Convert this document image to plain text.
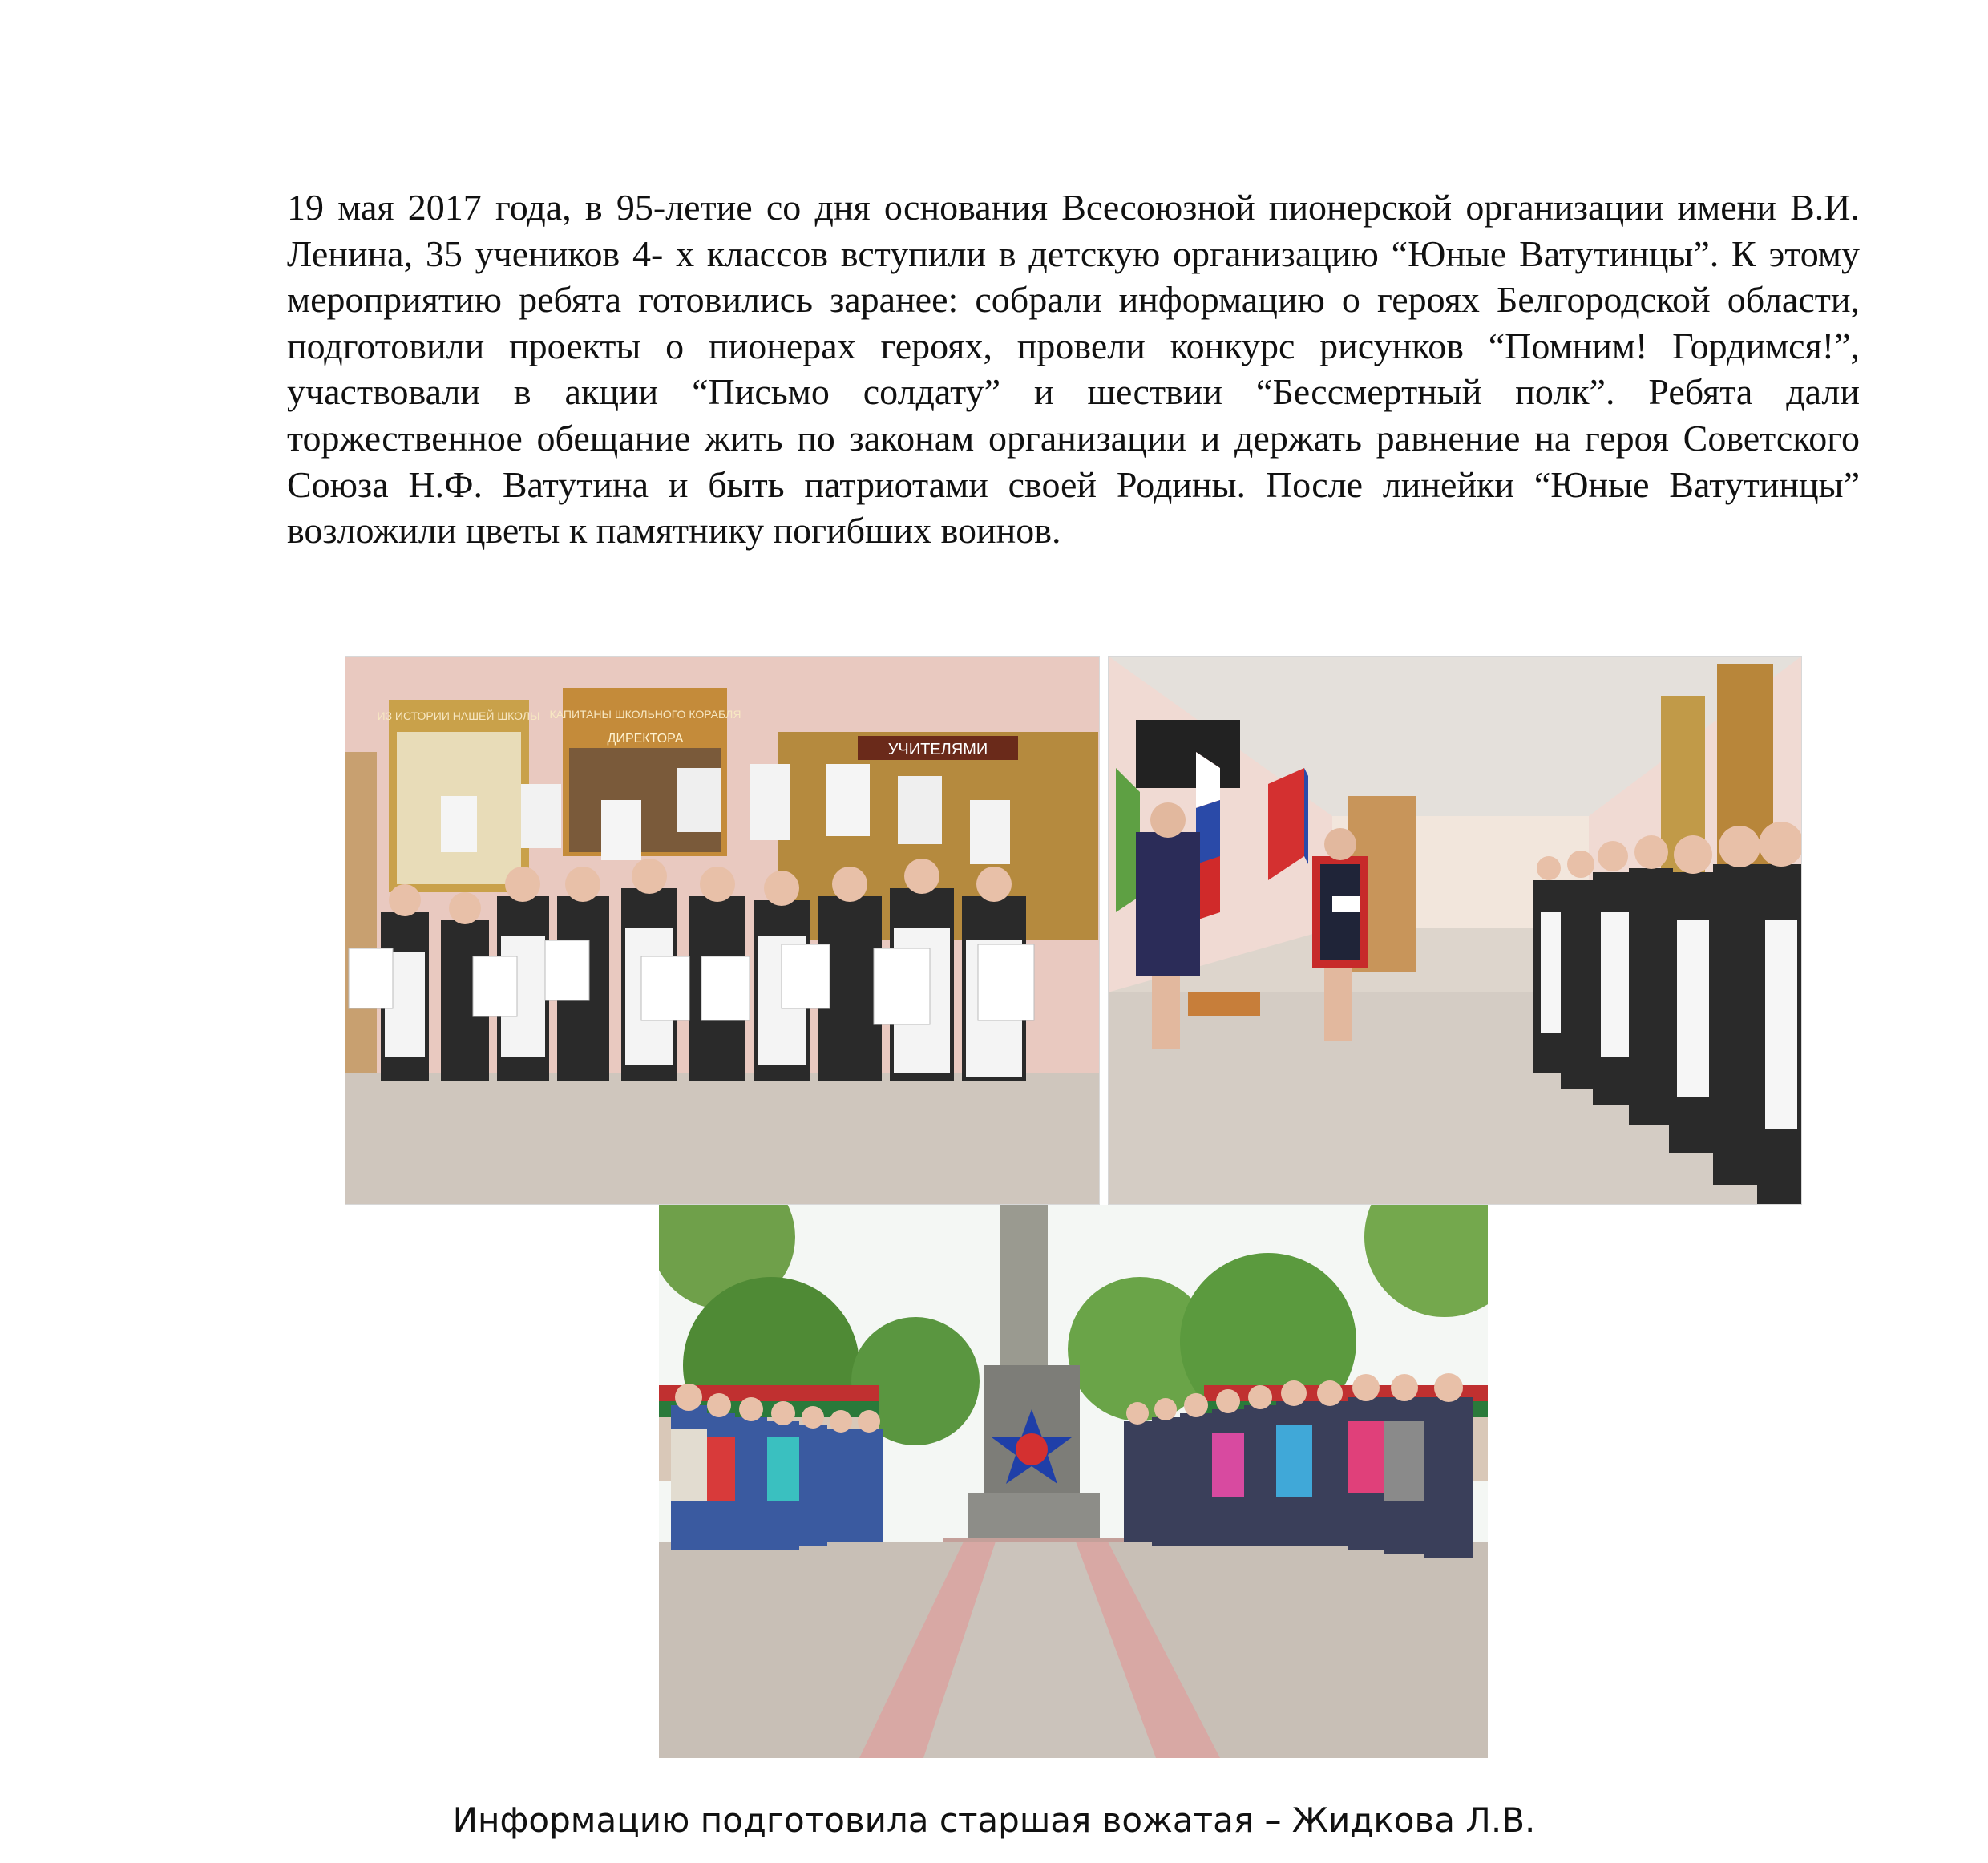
19 мая 2017 года, в 95-летие со дня основания Всесоюзной пионерской организации имени В.И. Ленина, 35 учеников 4- х классов вступили в детскую организацию “Юные Ватутинцы”. К этому мероприятию ребята готовились заранее: собрали информацию о героях Белгородской области, подготовили проекты о пионерах героях, провели конкурс рисунков “Помним! Гордимся!”, участвовали в акции “Письмо солдату” и шествии “Бессмертный полк”. Ребята дали торжественное обещание жить по законам организации и держать равнение на героя Советского Союза Н.Ф. Ватутина и быть патриотами своей Родины. После линейки “Юные Ватутинцы” возложили цветы к памятнику погибших воинов.

ИЗ ИСТОРИИ НАШЕЙ ШКОЛЫ КАПИТАНЫ ШКОЛЬНОГО КОРАБЛЯ
ДИРЕКТОРА
УЧИТЕЛЯМИ

Информацию подготовила старшая вожатая – Жидкова Л.В.
